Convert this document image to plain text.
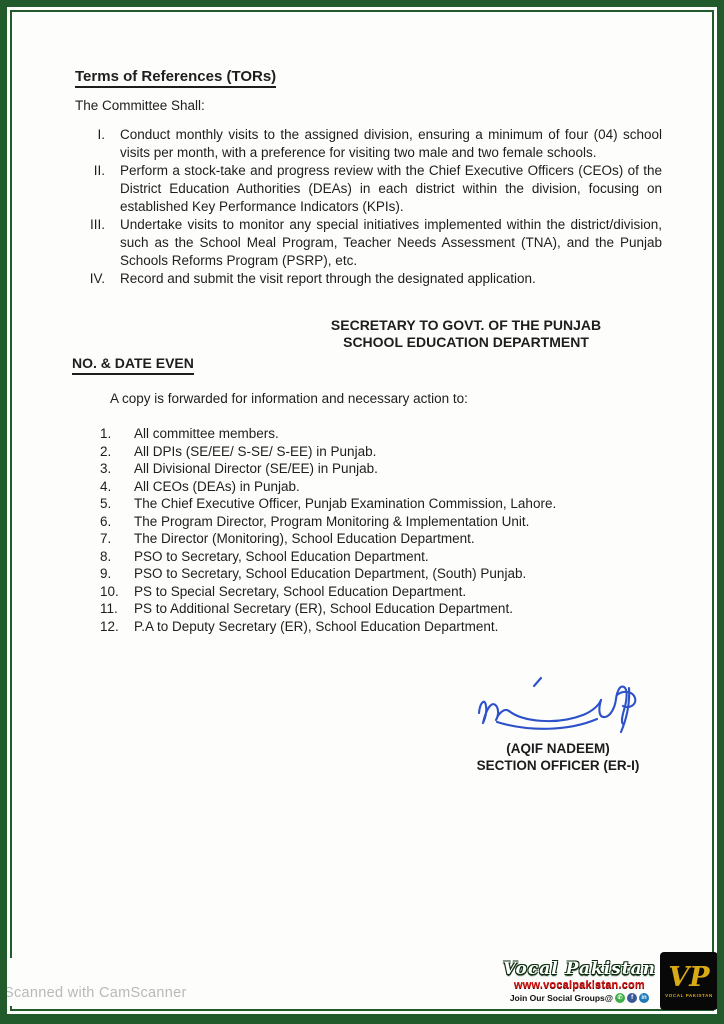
Terms of References (TORs)
The Committee Shall:
I. Conduct monthly visits to the assigned division, ensuring a minimum of four (04) school visits per month, with a preference for visiting two male and two female schools.
II. Perform a stock-take and progress review with the Chief Executive Officers (CEOs) of the District Education Authorities (DEAs) in each district within the division, focusing on established Key Performance Indicators (KPIs).
III. Undertake visits to monitor any special initiatives implemented within the district/division, such as the School Meal Program, Teacher Needs Assessment (TNA), and the Punjab Schools Reforms Program (PSRP), etc.
IV. Record and submit the visit report through the designated application.
SECRETARY TO GOVT. OF THE PUNJAB
SCHOOL EDUCATION DEPARTMENT
NO. & DATE EVEN
A copy is forwarded for information and necessary action to:
1.	All committee members.
2.	All DPIs (SE/EE/ S-SE/ S-EE) in Punjab.
3.	All Divisional Director (SE/EE) in Punjab.
4.	All CEOs (DEAs) in Punjab.
5.	The Chief Executive Officer, Punjab Examination Commission, Lahore.
6.	The Program Director, Program Monitoring & Implementation Unit.
7.	The Director (Monitoring), School Education Department.
8.	PSO to Secretary, School Education Department.
9.	PSO to Secretary, School Education Department, (South) Punjab.
10.	PS to Special Secretary, School Education Department.
11.	PS to Additional Secretary (ER), School Education Department.
12.	P.A to Deputy Secretary (ER), School Education Department.
(AQIF NADEEM)
SECTION OFFICER (ER-I)
Scanned with CamScanner
Vocal Pakistan
www.vocalpakistan.com
Join Our Social Groups@ ✆	f	in
VP
VOCAL PAKISTAN
